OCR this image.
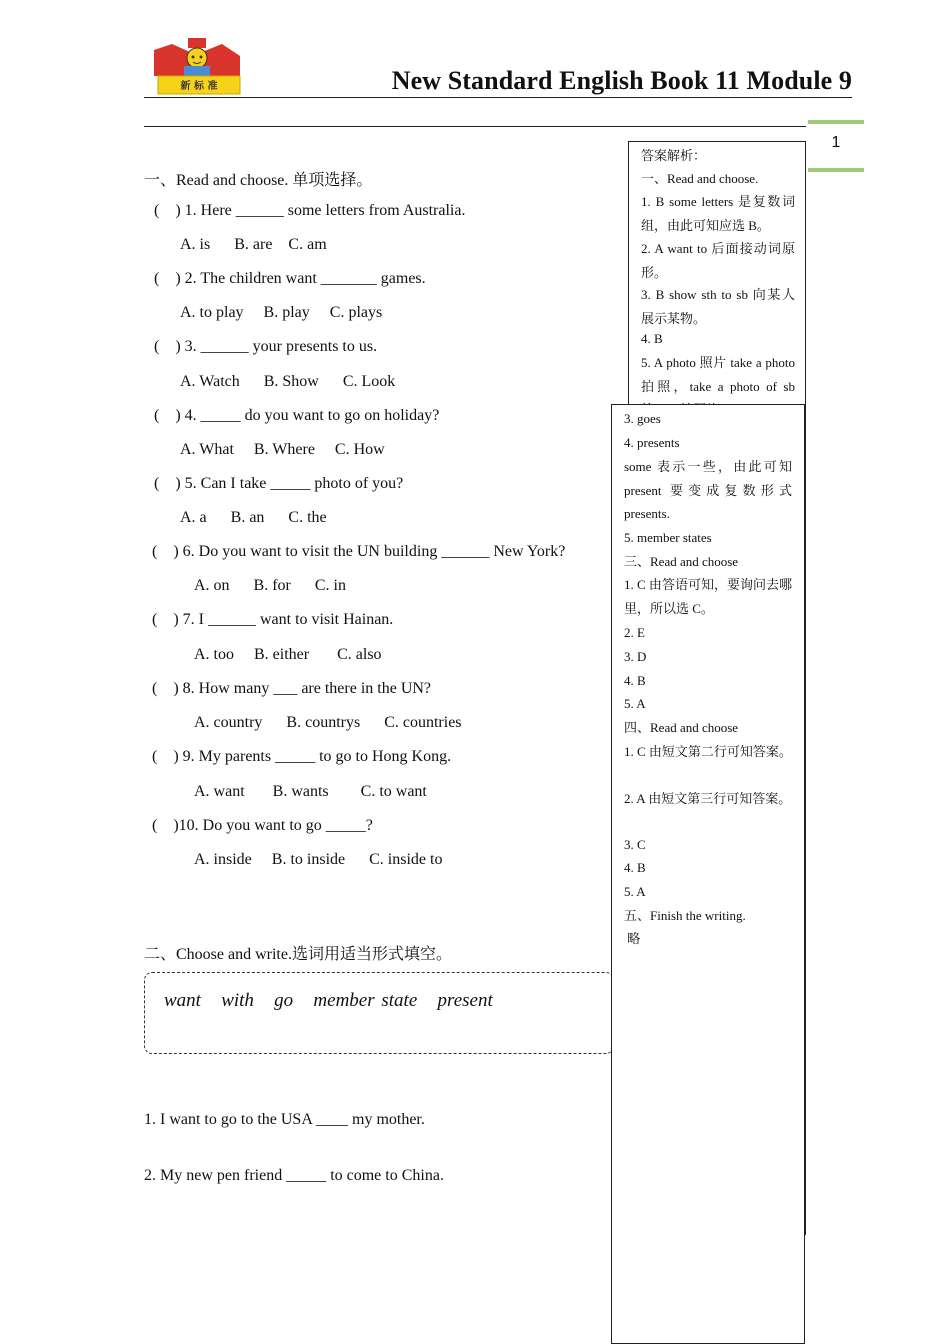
新 标 准	New Standard English Book 11 Module 9
1
一、Read and choose. 单项选择。
(    ) 1. Here ______ some letters from Australia.
A. is      B. are    C. am
(    ) 2. The children want _______ games.
A. to play     B. play     C. plays
(    ) 3. ______ your presents to us.
A. Watch      B. Show      C. Look
(    ) 4. _____ do you want to go on holiday?
A. What     B. Where     C. How
(    ) 5. Can I take _____ photo of you?
A. a      B. an      C. the
(    ) 6. Do you want to visit the UN building ______ New York?
A. on      B. for      C. in
(    ) 7. I ______ want to visit Hainan.
A. too     B. either       C. also
(    ) 8. How many ___ are there in the UN?
A. country      B. countrys      C. countries
(    ) 9. My parents _____ to go to Hong Kong.
A. want       B. wants        C. to want
(    )10. Do you want to go _____?
A. inside     B. to inside      C. inside to
二、Choose and write.选词用适当形式填空。
want   with   go   member state   present
1. I want to go to the USA ____ my mother.
2. My new pen friend _____ to come to China.
答案解析：
一、Read and choose.
1. B some letters 是复数词组，由此可知应选 B。
2. A want to 后面接动词原形。
3. B show sth to sb 向某人展示某物。
4. B
5. A photo 照片 take a photo 拍照，take a photo of sb
3. goes
4. presents
some 表示一些，由此可知 present 要变成复数形式 presents.
5. member states
三、Read and choose
1. C 由答语可知，要询问去哪里，所以选 C。
2. E
3. D
4. B
5. A
四、Read and choose
1. C 由短文第二行可知答案。
2. A 由短文第三行可知答案。
3. C
4. B
5. A
五、Finish the writing.
略
